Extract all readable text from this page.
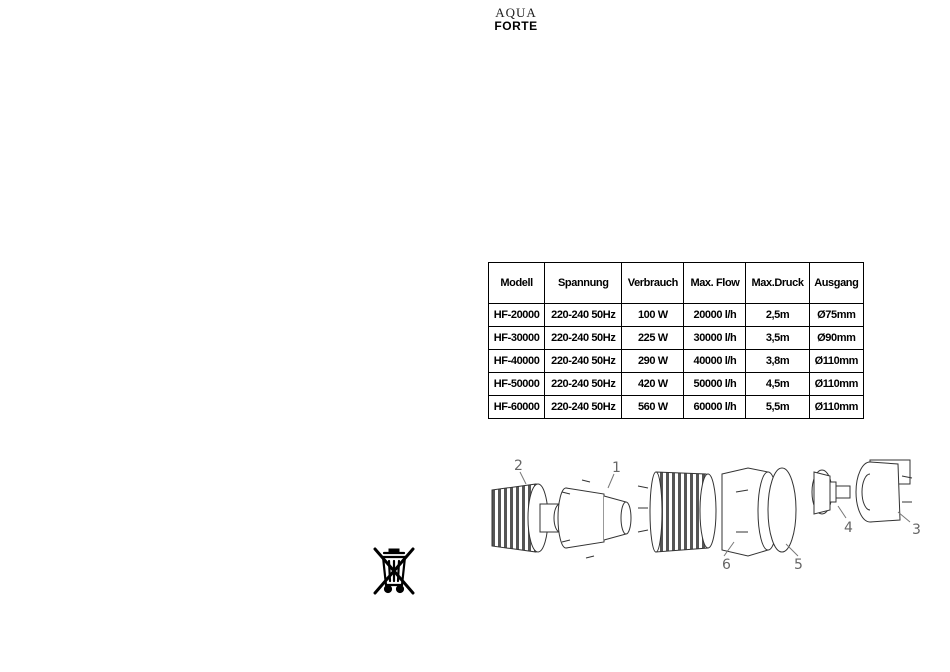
AQUA
FORTE
Modell	Spannung	Verbrauch	Max. Flow	Max.Druck	Ausgang
HF-20000	220-240 50Hz	100 W	20000 l/h	2,5m	Ø75mm
HF-30000	220-240 50Hz	225 W	30000 l/h	3,5m	Ø90mm
HF-40000	220-240 50Hz	290 W	40000 l/h	3,8m	Ø110mm
HF-50000	220-240 50Hz	420 W	50000 l/h	4,5m	Ø110mm
HF-60000	220-240 50Hz	560 W	60000 l/h	5,5m	Ø110mm
2	1
6	5
4	3
